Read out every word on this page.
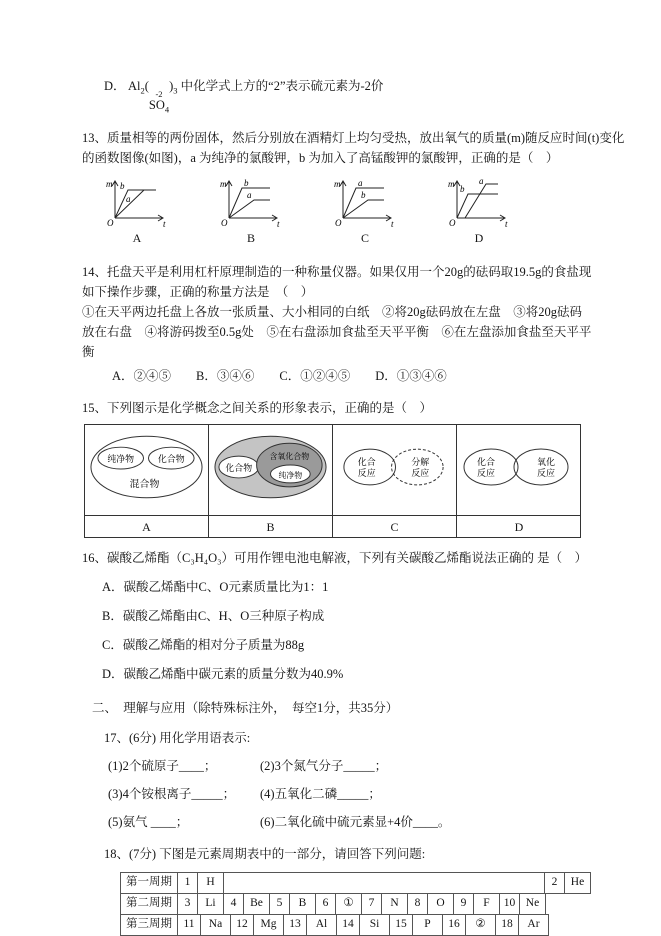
D． $Al_2$(
-2
$SO_4$
)$_3$ 中化学式上方的“2”表示硫元素为-2价
13、质量相等的两份固体，然后分别放在酒精灯上均匀受热，放出氧气的质量(m)随反应时间(t)变化
的函数图像(如图)，a 为纯净的氯酸钾，b 为加入了高锰酸钾的氯酸钾，正确的是（　）
m
O	t
b
a
A
m
O	t
b
a
B
m
O	t
a
b
C
m
O	t
b
a
D
14、托盘天平是利用杠杆原理制造的一种称量仪器。如果仅用一个20g的砝码取19.5g的食盐现
如下操作步骤，正确的称量方法是　（　）
①在天平两边托盘上各放一张质量、大小相同的白纸　②将20g砝码放在左盘　③将20g砝码
放在右盘　④将游码拨至0.5g处　⑤在右盘添加食盐至天平平衡　⑥在左盘添加食盐至天平平
衡
A．②④⑤　　B．③④⑥　　C．①②④⑤　　D．①③④⑥
15、下列图示是化学概念之间关系的形象表示，正确的是（　）
纯净物	化合物
混合物
A
化合物
含氧化合物
纯净物
B
化合
反应
分解
反应
C
化合
反应
氧化
反应
D
16、碳酸乙烯酯（C₃H₄O₃）可用作锂电池电解液，下列有关碳酸乙烯酯说法正确的 是（　）
A．碳酸乙烯酯中C、O元素质量比为1：1
B．碳酸乙烯酯由C、H、O三种原子构成
C．碳酸乙烯酯的相对分子质量为88g
D．碳酸乙烯酯中碳元素的质量分数为40.9%
二、　理解与应用（除特殊标注外，　每空1分，共35分）
17、(6分) 用化学用语表示:
(1)2个硫原子____；	(2)3个氮气分子_____；
(3)4个铵根离子_____；	(4)五氧化二磷_____；
(5)氨气 ____；	(6)二氧化硫中硫元素显+4价____。
18、(7分) 下图是元素周期表中的一部分，请回答下列问题:
第一周期	1	H	2	He
第二周期	3	Li	4	Be	5	B	6	①	7	N	8	O	9	F	10 Ne
第三周期 11	Na	12	Mg	13	Al	14	Si	15	P	16	②	18	Ar
